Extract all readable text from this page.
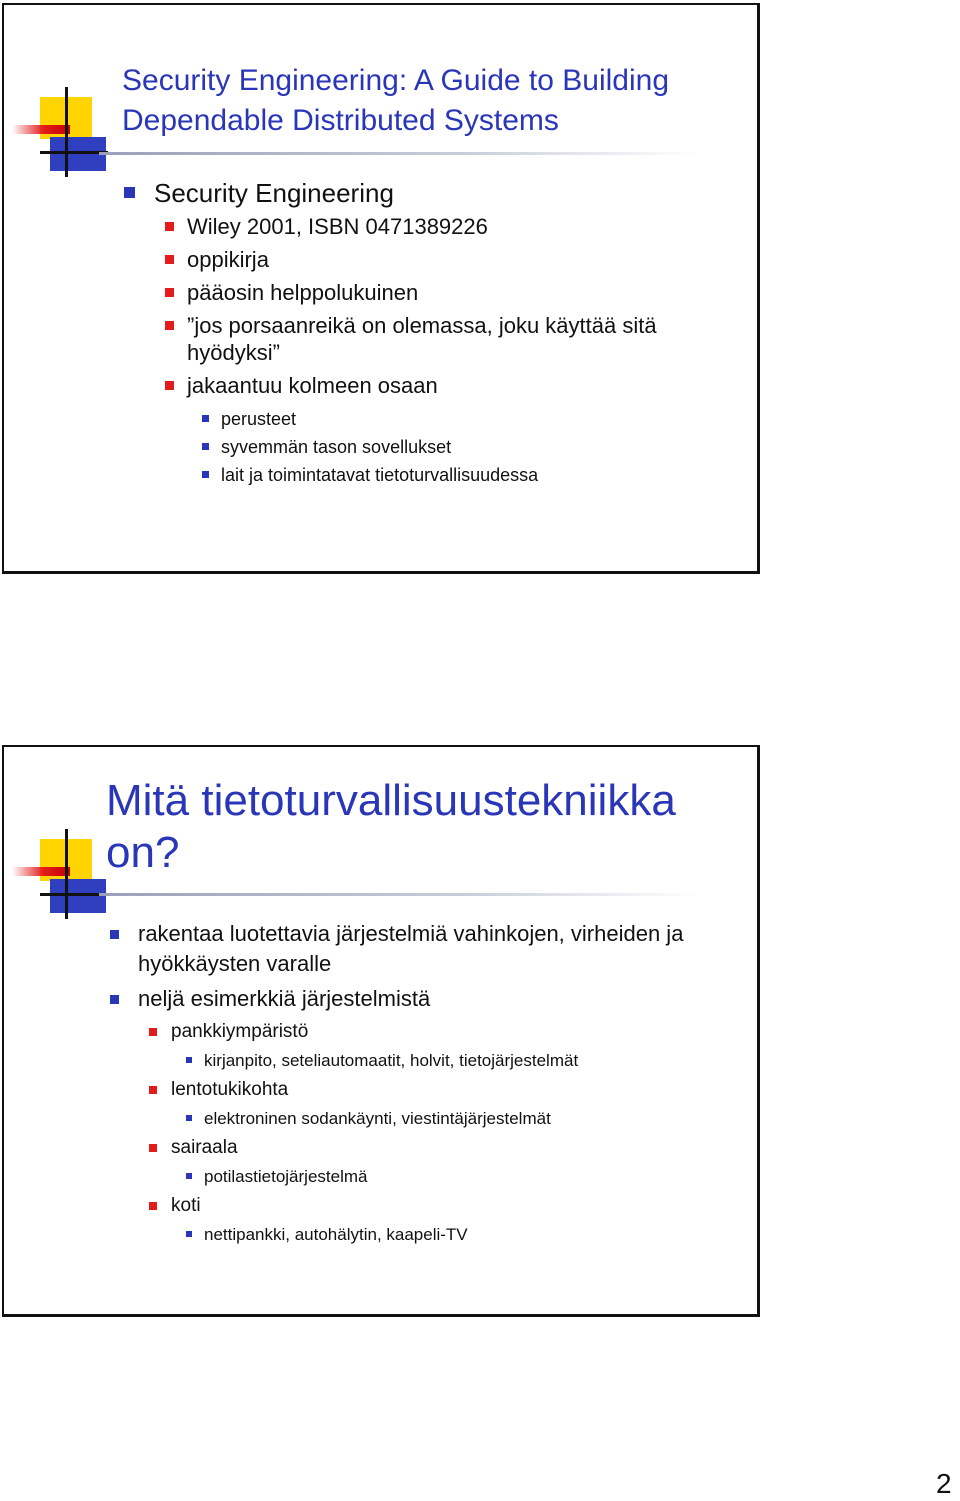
Security Engineering: A Guide to Building Dependable Distributed Systems
Security Engineering
Wiley 2001, ISBN 0471389226
oppikirja
pääosin helppolukuinen
”jos porsaanreikä on olemassa, joku käyttää sitä hyödyksi”
jakaantuu kolmeen osaan
perusteet
syvemmän tason sovellukset
lait ja toimintatavat tietoturvallisuudessa
Mitä tietoturvallisuustekniikka on?
rakentaa luotettavia järjestelmiä vahinkojen, virheiden ja hyökkäysten varalle
neljä esimerkkiä järjestelmistä
pankkiympäristö
kirjanpito, seteliautomaatit, holvit, tietojärjestelmät
lentotukikohta
elektroninen sodankäynti, viestintäjärjestelmät
sairaala
potilastietojärjestelmä
koti
nettipankki, autohälytin, kaapeli-TV
2
